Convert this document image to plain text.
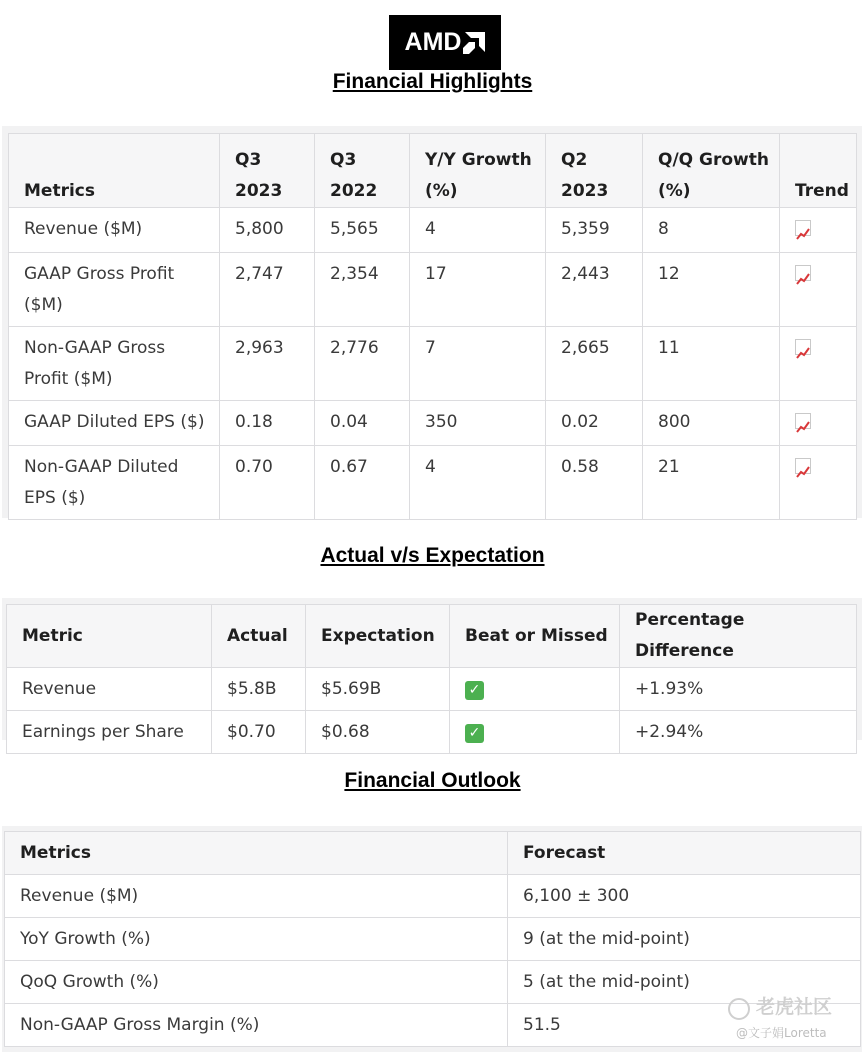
AMD
Financial Highlights
Metrics	Q3 2023	Q3 2022	Y/Y Growth (%)	Q2 2023	Q/Q Growth (%)	Trend
Revenue ($M)	5,800	5,565	4	5,359	8	
GAAP Gross Profit ($M)	2,747	2,354	17	2,443	12	
Non-GAAP Gross Profit ($M)	2,963	2,776	7	2,665	11	
GAAP Diluted EPS ($)	0.18	0.04	350	0.02	800	
Non-GAAP Diluted EPS ($)	0.70	0.67	4	0.58	21	
Actual v/s Expectation
Metric	Actual	Expectation	Beat or Missed	Percentage Difference
Revenue	$5.8B	$5.69B	✓	+1.93%
Earnings per Share	$0.70	$0.68	✓	+2.94%
Financial Outlook
Metrics	Forecast
Revenue ($M)	6,100 ± 300
YoY Growth (%)	9 (at the mid-point)
QoQ Growth (%)	5 (at the mid-point)
Non-GAAP Gross Margin (%)	51.5
老虎社区
@文子娟Loretta
